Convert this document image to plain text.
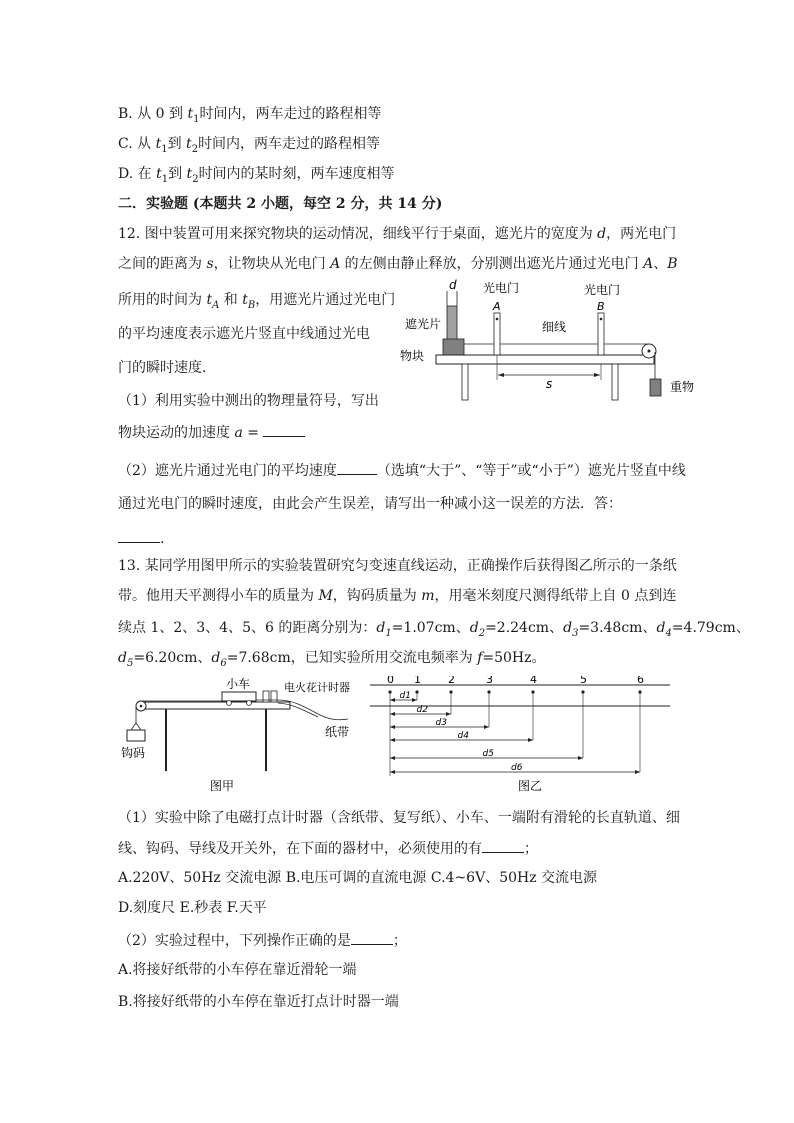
B. 从 0 到 $t_1$时间内，两车走过的路程相等
C. 从 $t_1$到 $t_2$时间内，两车走过的路程相等
D. 在 $t_1$到 $t_2$时间内的某时刻，两车速度相等
二．实验题 (本题共 2 小题，每空 2 分，共 14 分)
12. 图中装置可用来探究物块的运动情况，细线平行于桌面，遮光片的宽度为 d，两光电门
之间的距离为 s，让物块从光电门 A 的左侧由静止释放，分别测出遮光片通过光电门 A、B
所用的时间为 $t_A$ 和 $t_B$，用遮光片通过光电门
的平均速度表示遮光片竖直中线通过光电
门的瞬时速度．
（1）利用实验中测出的物理量符号，写出
物块运动的加速度 a =
（2）遮光片通过光电门的平均速度	（选填“大于”、“等于”或“小于”）遮光片竖直中线
通过光电门的瞬时速度，由此会产生误差，请写出一种减小这一误差的方法．答：
.
d 光电门	光电门
A	B
遮光片	细线
物块
重物
s
13. 某同学用图甲所示的实验装置研究匀变速直线运动，正确操作后获得图乙所示的一条纸
带。他用天平测得小车的质量为 M，钩码质量为 m，用毫米刻度尺测得纸带上自 0 点到连
续点 1、2、3、4、5、6 的距离分别为：$d_1=1.07cm$、$d_2=2.24cm$、$d_3=3.48cm$、$d_4=4.79cm$、
$d_5=6.20cm$、$d_6=7.68cm$，已知实验所用交流电频率为 f=50Hz。
小车	电火花计时器
钩码
纸带
图甲
0 1 2	3	4	5	6
d1
d2
d3
d4
d5
d6
图乙
（1）实验中除了电磁打点计时器（含纸带、复写纸）、小车、一端附有滑轮的长直轨道、细
线、钩码、导线及开关外，在下面的器材中，必须使用的有	；
A.220V、50Hz 交流电源 B.电压可调的直流电源 C.4~6V、50Hz 交流电源
D.刻度尺 E.秒表 F.天平
（2）实验过程中，下列操作正确的是	；
A.将接好纸带的小车停在靠近滑轮一端
B.将接好纸带的小车停在靠近打点计时器一端
